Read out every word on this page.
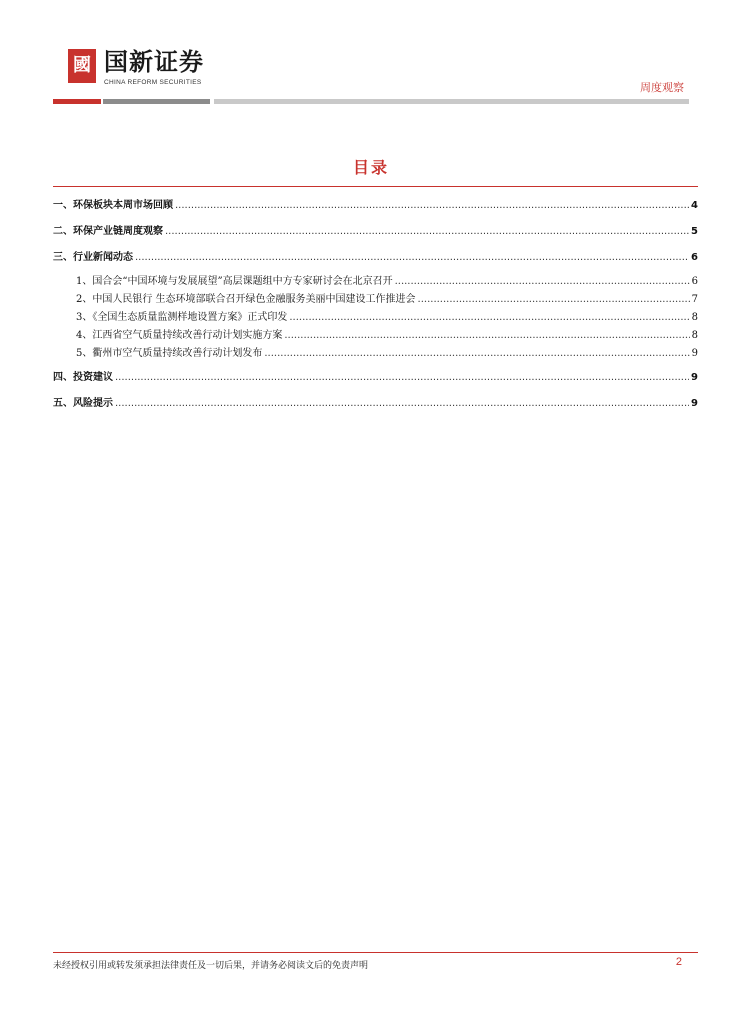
國 国新证券
CHINA REFORM SECURITIES	周度观察
目录
一、环保板块本周市场回顾 .....	4
二、环保产业链周度观察 .....	5
三、行业新闻动态 .....	6
1、国合会“中国环境与发展展望”高层课题组中方专家研讨会在北京召开 .....	6
2、中国人民银行 生态环境部联合召开绿色金融服务美丽中国建设工作推进会 .....	7
3、《全国生态质量监测样地设置方案》正式印发 .....	8
4、江西省空气质量持续改善行动计划实施方案 .....	8
5、衢州市空气质量持续改善行动计划发布 .....	9
四、投资建议 .....	9
五、风险提示 .....	9
未经授权引用或转发须承担法律责任及一切后果，并请务必阅读文后的免责声明	2
